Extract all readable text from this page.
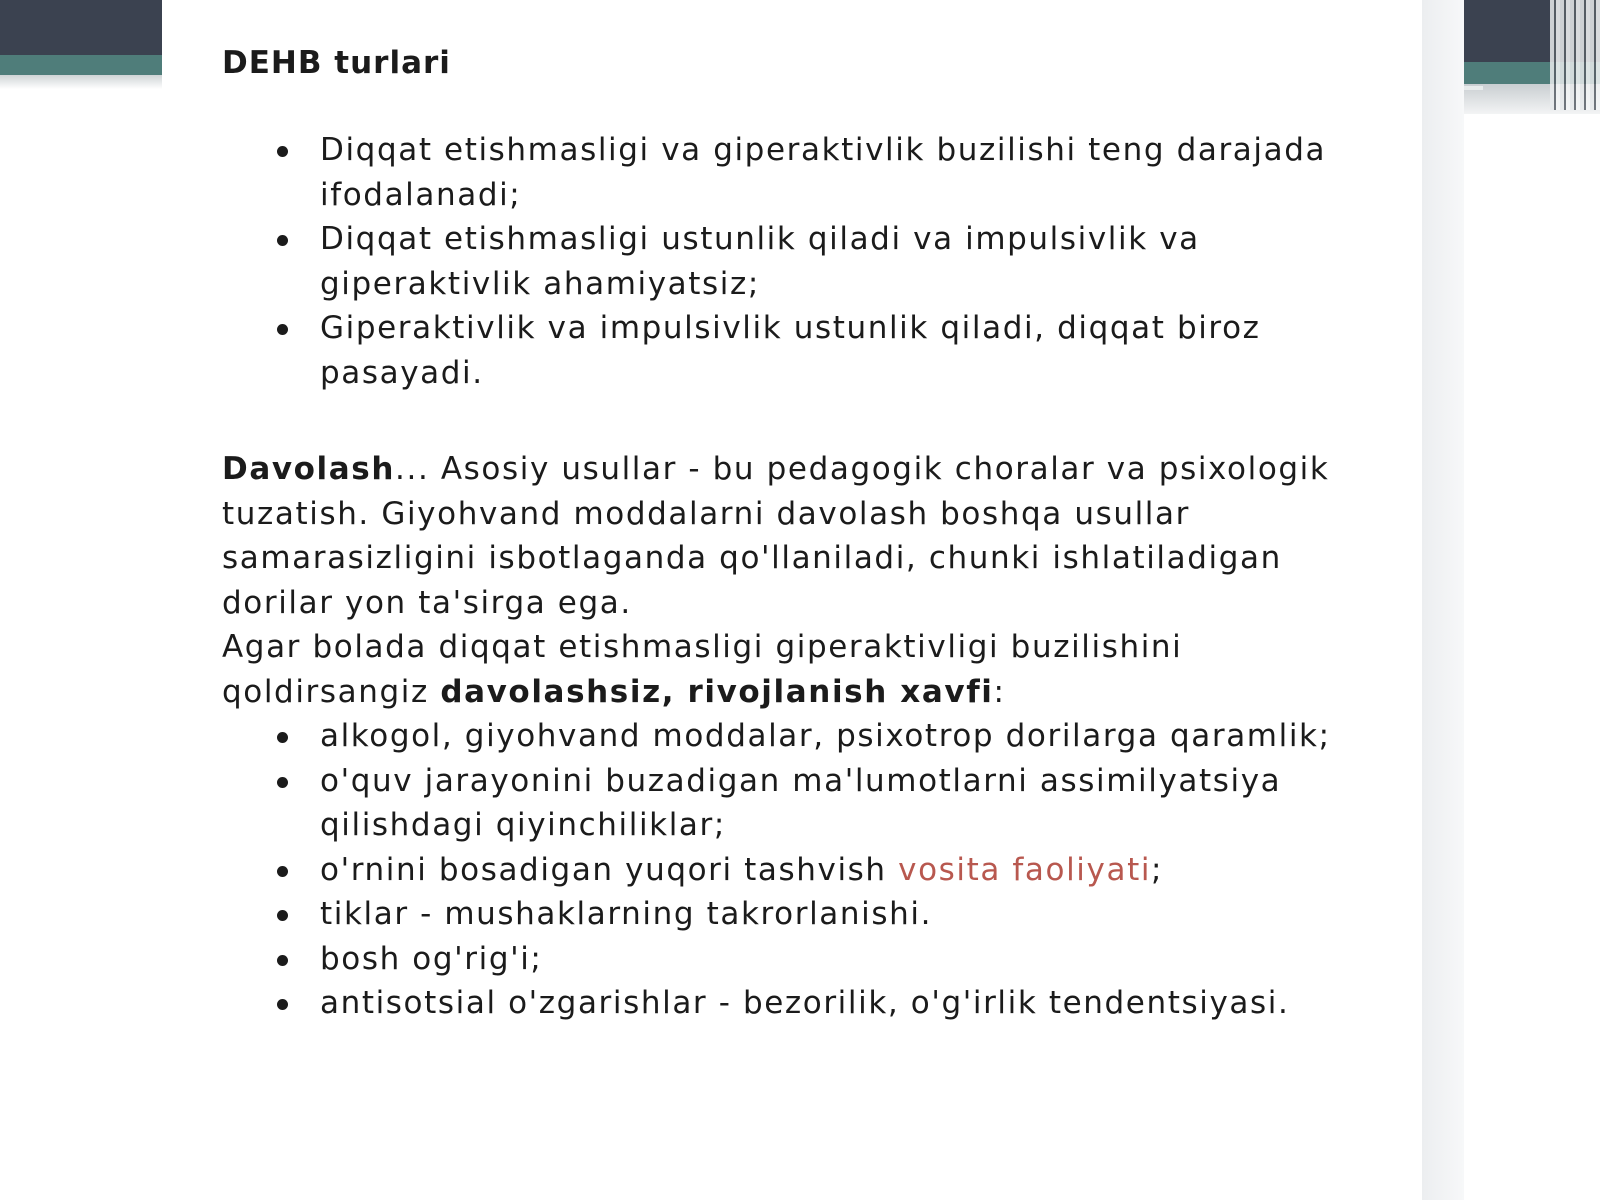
DEHB turlari
Diqqat etishmasligi va giperaktivlik buzilishi teng darajada ifodalanadi;
Diqqat etishmasligi ustunlik qiladi va impulsivlik va giperaktivlik ahamiyatsiz;
Giperaktivlik va impulsivlik ustunlik qiladi, diqqat biroz pasayadi.

Davolash... Asosiy usullar - bu pedagogik choralar va psixologik tuzatish. Giyohvand moddalarni davolash boshqa usullar samarasizligini isbotlaganda qo'llaniladi, chunki ishlatiladigan dorilar yon ta'sirga ega.

Agar bolada diqqat etishmasligi giperaktivligi buzilishini qoldirsangiz davolashsiz, rivojlanish xavfi:

alkogol, giyohvand moddalar, psixotrop dorilarga qaramlik;
o'quv jarayonini buzadigan ma'lumotlarni assimilyatsiya qilishdagi qiyinchiliklar;
o'rnini bosadigan yuqori tashvish vosita faoliyati;
tiklar - mushaklarning takrorlanishi.
bosh og'rig'i;
antisotsial o'zgarishlar - bezorilik, o'g'irlik tendentsiyasi.
